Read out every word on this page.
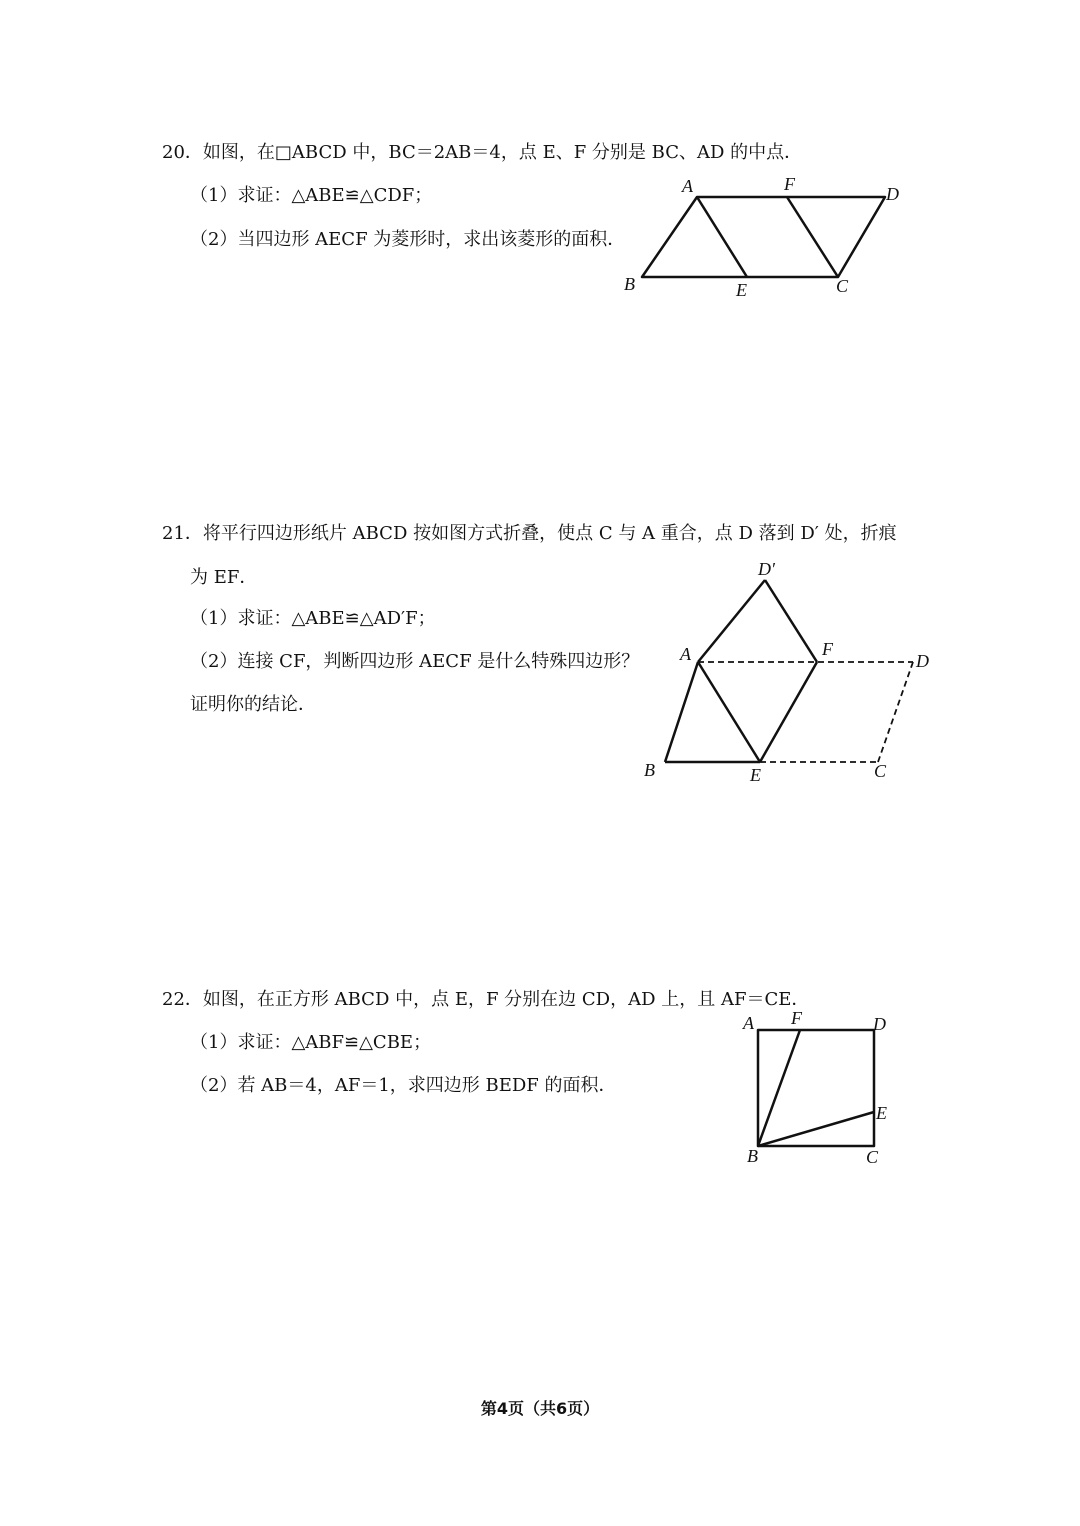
20．如图，在□ABCD 中，BC＝2AB＝4，点 E、F 分别是 BC、AD 的中点．
（1）求证：△ABE≌△CDF；
（2）当四边形 AECF 为菱形时，求出该菱形的面积．
A	F	D
B	E	C
21．将平行四边形纸片 ABCD 按如图方式折叠，使点 C 与 A 重合，点 D 落到 D′ 处，折痕
为 EF．
（1）求证：△ABE≌△AD′F；
（2）连接 CF，判断四边形 AECF 是什么特殊四边形？
证明你的结论．
D′
A	F
D
B	E	C
22．如图，在正方形 ABCD 中，点 E，F 分别在边 CD，AD 上，且 AF＝CE．
（1）求证：△ABF≌△CBE；
（2）若 AB＝4，AF＝1，求四边形 BEDF 的面积．
A F	D
E
B	C
第4页（共6页）
